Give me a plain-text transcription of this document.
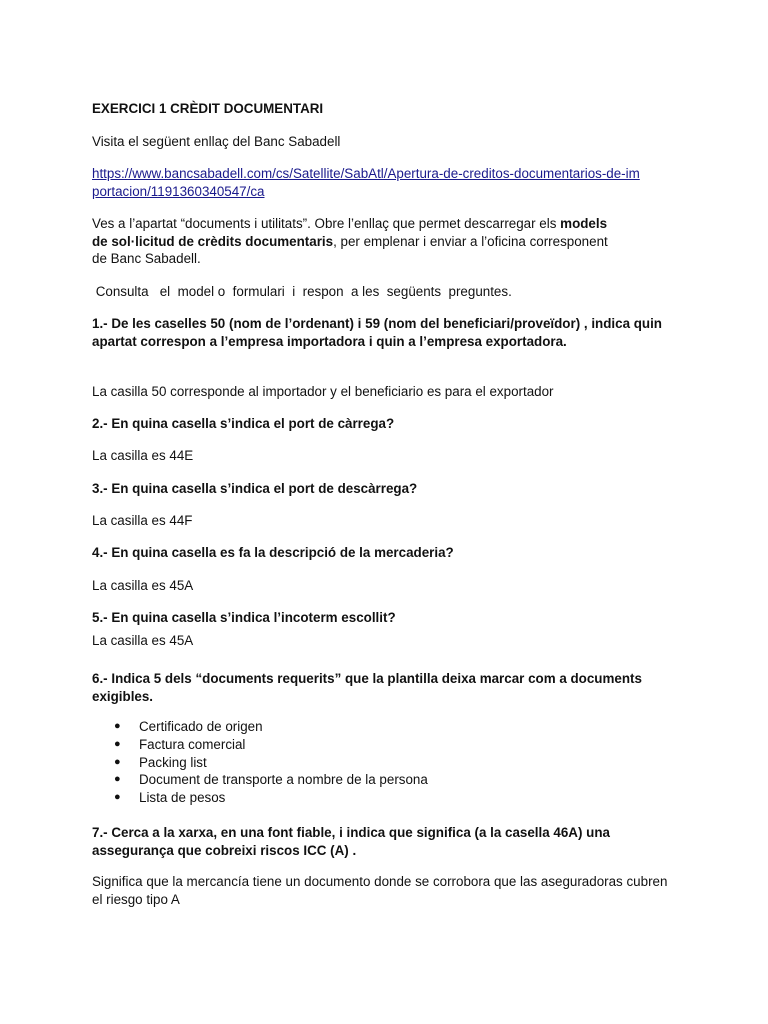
EXERCICI 1 CRÈDIT DOCUMENTARI

Visita el següent enllaç del Banc Sabadell

https://www.bancsabadell.com/cs/Satellite/SabAtl/Apertura-de-creditos-documentarios-de-im
portacion/1191360340547/ca

Ves a l’apartat “documents i utilitats”. Obre l’enllaç que permet descarregar els models
de sol·licitud de crèdits documentaris, per emplenar i enviar a l’oficina corresponent
de Banc Sabadell.

Consulta   el  model o  formulari  i  respon  a les  següents  preguntes.

1.- De les caselles 50 (nom de l’ordenant) i 59 (nom del beneficiari/proveïdor) , indica quin apartat correspon a l’empresa importadora i quin a l’empresa exportadora.

La casilla 50 corresponde al importador y el beneficiario es para el exportador

2.- En quina casella s’indica el port de càrrega?

La casilla es 44E

3.- En quina casella s’indica el port de descàrrega?

La casilla es 44F

4.- En quina casella es fa la descripció de la mercaderia?

La casilla es 45A

5.- En quina casella s’indica l’incoterm escollit?

La casilla es 45A

6.- Indica 5 dels “documents requerits” que la plantilla deixa marcar com a documents exigibles.

● Certificado de origen
● Factura comercial
● Packing list
● Document de transporte a nombre de la persona
● Lista de pesos

7.- Cerca a la xarxa, en una font fiable, i indica que significa (a la casella 46A) una assegurança que cobreixi riscos ICC (A) .

Significa que la mercancía tiene un documento donde se corrobora que las aseguradoras cubren el riesgo tipo A
